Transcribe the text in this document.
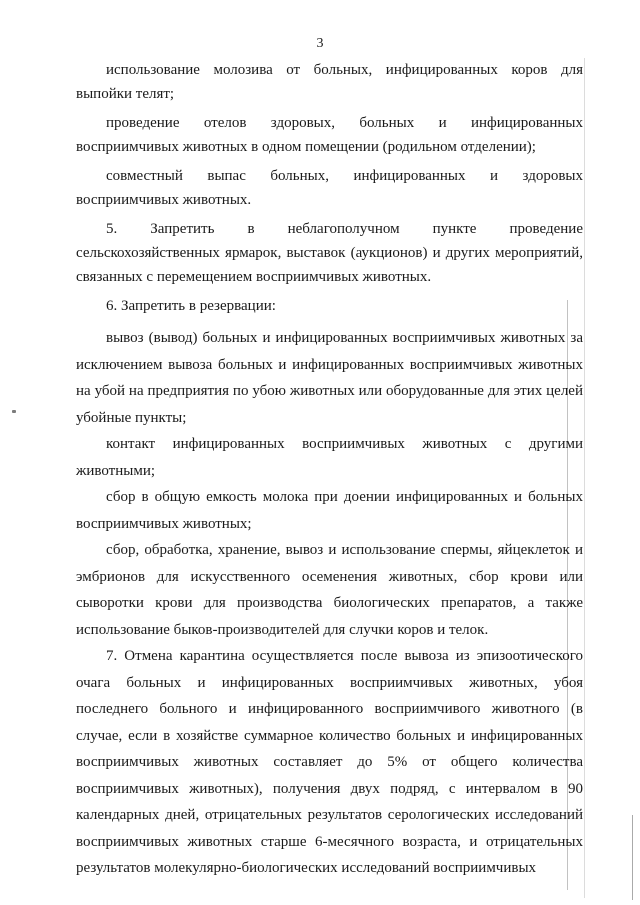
3

использование молозива от больных, инфицированных коров для выпойки телят;

проведение отелов здоровых, больных и инфицированных восприимчивых животных в одном помещении (родильном отделении);

совместный выпас больных, инфицированных и здоровых восприимчивых животных.

5. Запретить в неблагополучном пункте проведение сельскохозяйственных ярмарок, выставок (аукционов) и других мероприятий, связанных с перемещением восприимчивых животных.

6. Запретить в резервации:

вывоз (вывод) больных и инфицированных восприимчивых животных за исключением вывоза больных и инфицированных восприимчивых животных на убой на предприятия по убою животных или оборудованные для этих целей убойные пункты;

контакт инфицированных восприимчивых животных с другими животными;

сбор в общую емкость молока при доении инфицированных и больных восприимчивых животных;

сбор, обработка, хранение, вывоз и использование спермы, яйцеклеток и эмбрионов для искусственного осеменения животных, сбор крови или сыворотки крови для производства биологических препаратов, а также использование быков-производителей для случки коров и телок.

7. Отмена карантина осуществляется после вывоза из эпизоотического очага больных и инфицированных восприимчивых животных, убоя последнего больного и инфицированного восприимчивого животного (в случае, если в хозяйстве суммарное количество больных и инфицированных восприимчивых животных составляет до 5% от общего количества восприимчивых животных), получения двух подряд, с интервалом в 90 календарных дней, отрицательных результатов серологических исследований восприимчивых животных старше 6-месячного возраста, и отрицательных результатов молекулярно-биологических исследований восприимчивых
